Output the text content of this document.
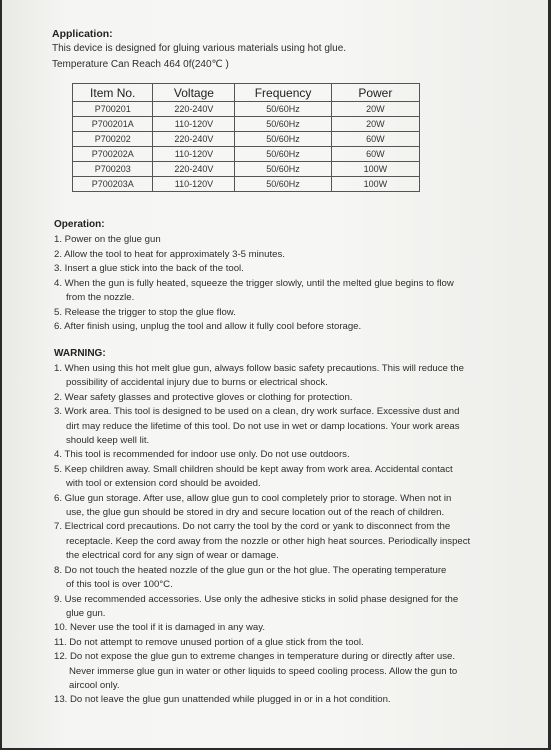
Application:
This device is designed for gluing various materials using hot glue.
Temperature Can Reach 464 0f(240℃ )
Item No.	Voltage	Frequency	Power
P700201	220-240V	50/60Hz	20W
P700201A	110-120V	50/60Hz	20W
P700202	220-240V	50/60Hz	60W
P700202A	110-120V	50/60Hz	60W
P700203	220-240V	50/60Hz	100W
P700203A	110-120V	50/60Hz	100W
Operation:
1. Power on the glue gun
2. Allow the tool to heat for approximately 3-5 minutes.
3. Insert a glue stick into the back of the tool.
4. When the gun is fully heated, squeeze the trigger slowly, until the melted glue begins to flow
from the nozzle.
5. Release the trigger to stop the glue flow.
6. After finish using, unplug the tool and allow it fully cool before storage.
WARNING:
1. When using this hot melt glue gun, always follow basic safety precautions. This will reduce the
possibility of accidental injury due to burns or electrical shock.
2. Wear safety glasses and protective gloves or clothing for protection.
3. Work area. This tool is designed to be used on a clean, dry work surface. Excessive dust and
dirt may reduce the lifetime of this tool. Do not use in wet or damp locations. Your work areas
should keep well lit.
4. This tool is recommended for indoor use only. Do not use outdoors.
5. Keep children away. Small children should be kept away from work area. Accidental contact
with tool or extension cord should be avoided.
6. Glue gun storage. After use, allow glue gun to cool completely prior to storage. When not in
use, the glue gun should be stored in dry and secure location out of the reach of children.
7. Electrical cord precautions. Do not carry the tool by the cord or yank to disconnect from the
receptacle. Keep the cord away from the nozzle or other high heat sources. Periodically inspect
the electrical cord for any sign of wear or damage.
8. Do not touch the heated nozzle of the glue gun or the hot glue. The operating temperature
of this tool is over 100°C.
9. Use recommended accessories. Use only the adhesive sticks in solid phase designed for the
glue gun.
10. Never use the tool if it is damaged in any way.
11. Do not attempt to remove unused portion of a glue stick from the tool.
12. Do not expose the glue gun to extreme changes in temperature during or directly after use.
Never immerse glue gun in water or other liquids to speed cooling process. Allow the gun to
aircool only.
13. Do not leave the glue gun unattended while plugged in or in a hot condition.
